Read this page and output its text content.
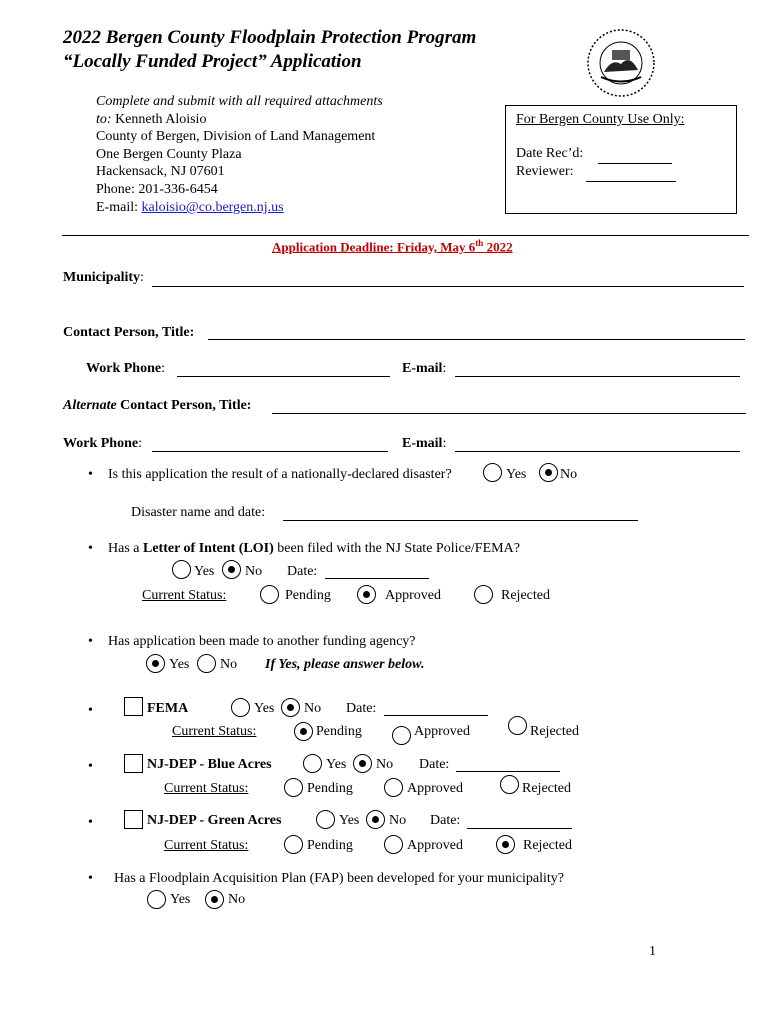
2022 Bergen County Floodplain Protection Program
“Locally Funded Project” Application
Complete and submit with all required attachments
to: Kenneth Aloisio
County of Bergen, Division of Land Management
One Bergen County Plaza
Hackensack, NJ 07601
Phone: 201-336-6454
E-mail: kaloisio@co.bergen.nj.us
For Bergen County Use Only:
Date Rec’d:
Reviewer:
Application Deadline: Friday, May 6th 2022
Municipality:
Contact Person, Title:
Work Phone:	E-mail:
Alternate Contact Person, Title:
Work Phone:	E-mail:
• Is this application the result of a nationally-declared disaster?	Yes No
Disaster name and date:
• Has a Letter of Intent (LOI) been filed with the NJ State Police/FEMA?
Yes No Date:
Current Status:	Pending	Approved	Rejected
• Has application been made to another funding agency?
Yes No If Yes, please answer below.
•	FEMA	Yes No Date:
Current Status:	Pending	Approved	Rejected
•	NJ-DEP - Blue Acres	Yes No Date:
Current Status:	Pending	Approved	Rejected
•	NJ-DEP - Green Acres	Yes No Date:
Current Status:	Pending	Approved	Rejected
• Has a Floodplain Acquisition Plan (FAP) been developed for your municipality?
Yes	No
1
